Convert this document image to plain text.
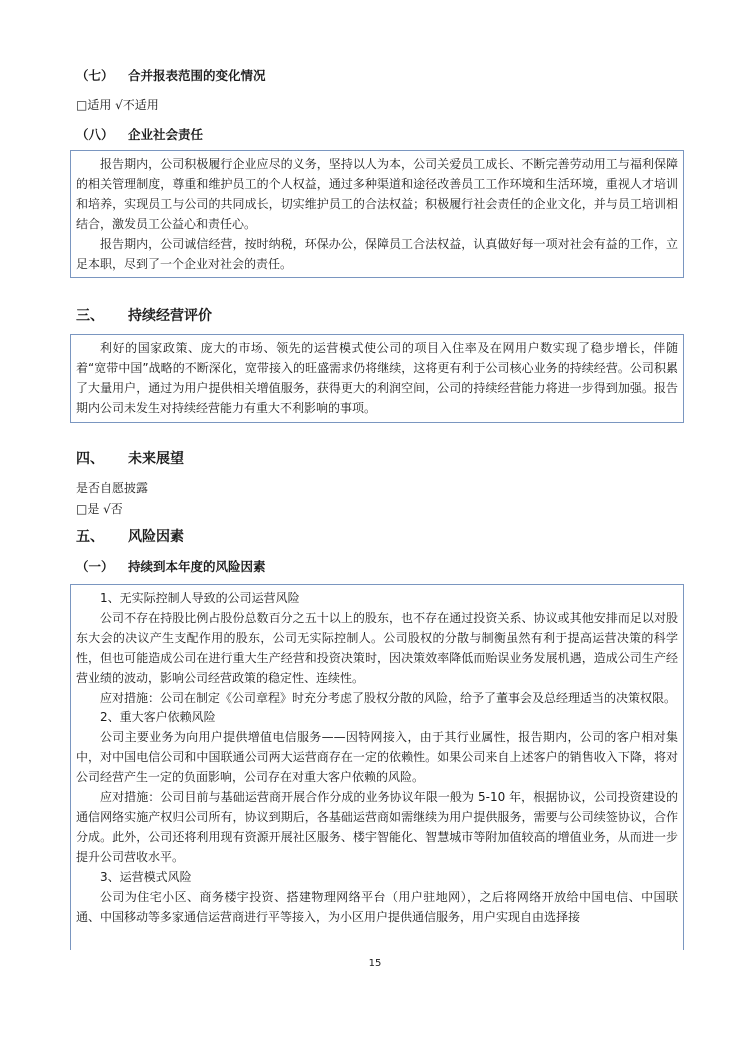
（七） 合并报表范围的变化情况
□适用 √不适用
（八） 企业社会责任

报告期内，公司积极履行企业应尽的义务，坚持以人为本，公司关爱员工成长、不断完善劳动用工与福利保障的相关管理制度，尊重和维护员工的个人权益，通过多种渠道和途径改善员工工作环境和生活环境，重视人才培训和培养，实现员工与公司的共同成长，切实维护员工的合法权益；积极履行社会责任的企业文化，并与员工培训相结合，激发员工公益心和责任心。

报告期内，公司诚信经营，按时纳税，环保办公，保障员工合法权益，认真做好每一项对社会有益的工作，立足本职，尽到了一个企业对社会的责任。

三、 持续经营评价

利好的国家政策、庞大的市场、领先的运营模式使公司的项目入住率及在网用户数实现了稳步增长，伴随着“宽带中国”战略的不断深化，宽带接入的旺盛需求仍将继续，这将更有利于公司核心业务的持续经营。公司积累了大量用户，通过为用户提供相关增值服务，获得更大的利润空间，公司的持续经营能力将进一步得到加强。报告期内公司未发生对持续经营能力有重大不利影响的事项。

四、 未来展望
是否自愿披露
□是 √否
五、 风险因素
（一） 持续到本年度的风险因素

1、无实际控制人导致的公司运营风险

公司不存在持股比例占股份总数百分之五十以上的股东，也不存在通过投资关系、协议或其他安排而足以对股东大会的决议产生支配作用的股东，公司无实际控制人。公司股权的分散与制衡虽然有利于提高运营决策的科学性，但也可能造成公司在进行重大生产经营和投资决策时，因决策效率降低而贻误业务发展机遇，造成公司生产经营业绩的波动，影响公司经营政策的稳定性、连续性。

应对措施：公司在制定《公司章程》时充分考虑了股权分散的风险，给予了董事会及总经理适当的决策权限。

2、重大客户依赖风险

公司主要业务为向用户提供增值电信服务——因特网接入，由于其行业属性，报告期内，公司的客户相对集中，对中国电信公司和中国联通公司两大运营商存在一定的依赖性。如果公司来自上述客户的销售收入下降，将对公司经营产生一定的负面影响，公司存在对重大客户依赖的风险。

应对措施：公司目前与基础运营商开展合作分成的业务协议年限一般为 5-10 年，根据协议，公司投资建设的通信网络实施产权归公司所有，协议到期后，各基础运营商如需继续为用户提供服务，需要与公司续签协议，合作分成。此外，公司还将利用现有资源开展社区服务、楼宇智能化、智慧城市等附加值较高的增值业务，从而进一步提升公司营收水平。

3、运营模式风险

公司为住宅小区、商务楼宇投资、搭建物理网络平台（用户驻地网），之后将网络开放给中国电信、中国联通、中国移动等多家通信运营商进行平等接入，为小区用户提供通信服务，用户实现自由选择接

15
